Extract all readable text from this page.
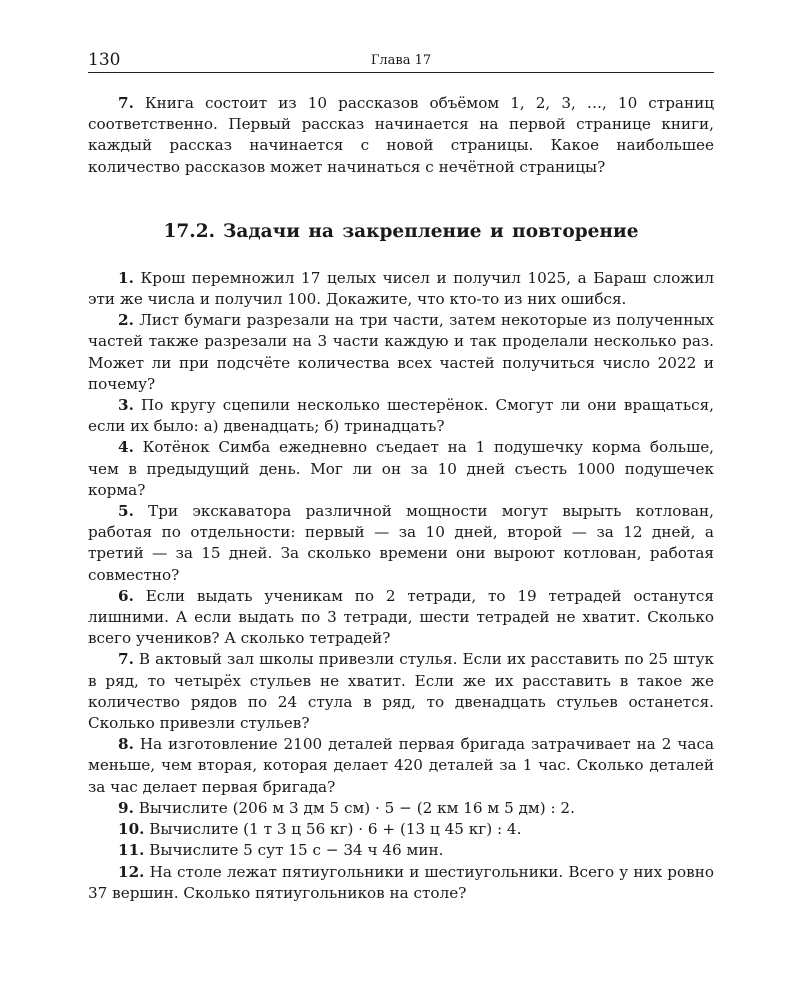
130	Глава 17

7. Книга состоит из 10 рассказов объёмом 1, 2, 3, …, 10 страниц соответственно. Первый рассказ начинается на первой странице книги, каждый рассказ начинается с новой страницы. Какое наибольшее количество рассказов может начинаться с нечётной страницы?

17.2. Задачи на закрепление и повторение

1. Крош перемножил 17 целых чисел и получил 1025, а Бараш сложил эти же числа и получил 100. Докажите, что кто-то из них ошибся.

2. Лист бумаги разрезали на три части, затем некоторые из полученных частей также разрезали на 3 части каждую и так проделали несколько раз. Может ли при подсчёте количества всех частей получиться число 2022 и почему?

3. По кругу сцепили несколько шестерёнок. Смогут ли они вращаться, если их было: а) двенадцать; б) тринадцать?

4. Котёнок Симба ежедневно съедает на 1 подушечку корма больше, чем в предыдущий день. Мог ли он за 10 дней съесть 1000 подушечек корма?

5. Три экскаватора различной мощности могут вырыть котлован, работая по отдельности: первый — за 10 дней, второй — за 12 дней, а третий — за 15 дней. За сколько времени они выроют котлован, работая совместно?

6. Если выдать ученикам по 2 тетради, то 19 тетрадей останутся лишними. А если выдать по 3 тетради, шести тетрадей не хватит. Сколько всего учеников? А сколько тетрадей?

7. В актовый зал школы привезли стулья. Если их расставить по 25 штук в ряд, то четырёх стульев не хватит. Если же их расставить в такое же количество рядов по 24 стула в ряд, то двенадцать стульев останется. Сколько привезли стульев?

8. На изготовление 2100 деталей первая бригада затрачивает на 2 часа меньше, чем вторая, которая делает 420 деталей за 1 час. Сколько деталей за час делает первая бригада?

9. Вычислите (206 м 3 дм 5 см) · 5 − (2 км 16 м 5 дм) : 2.

10. Вычислите (1 т 3 ц 56 кг) · 6 + (13 ц 45 кг) : 4.

11. Вычислите 5 сут 15 с − 34 ч 46 мин.

12. На столе лежат пятиугольники и шестиугольники. Всего у них ровно 37 вершин. Сколько пятиугольников на столе?
